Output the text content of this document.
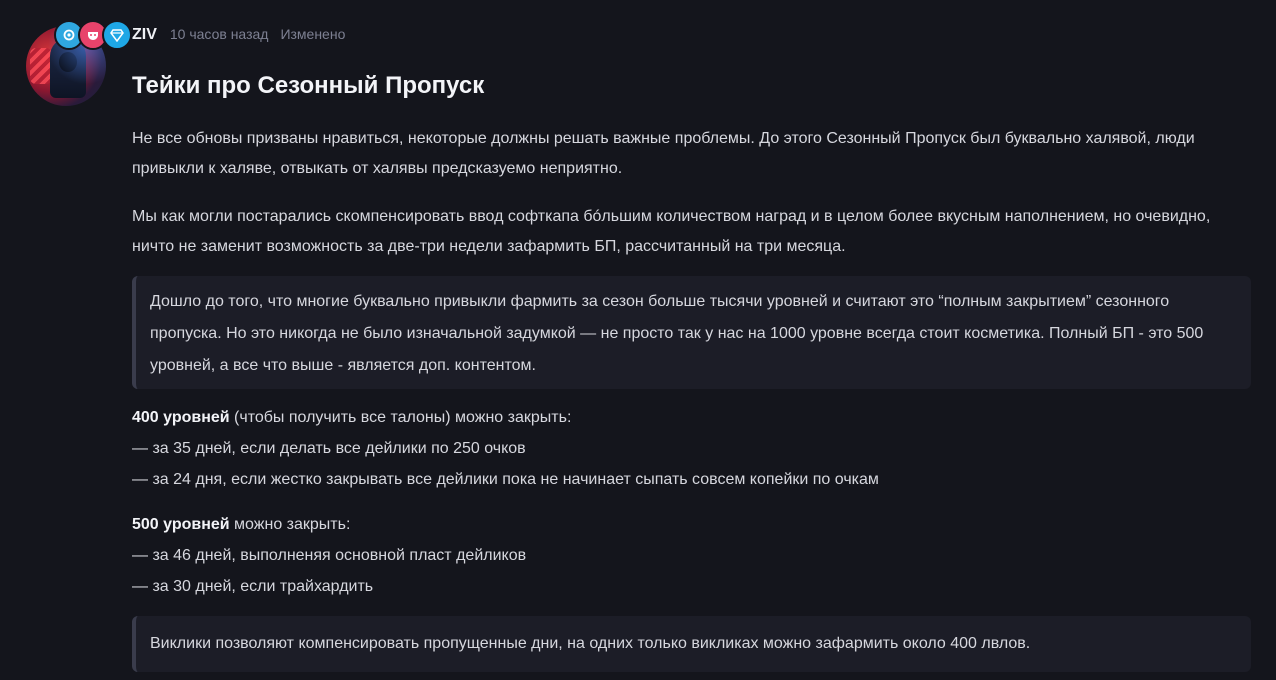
ZIV 10 часов назад Изменено
Тейки про Сезонный Пропуск

Не все обновы призваны нравиться, некоторые должны решать важные проблемы. До этого Сезонный Пропуск был буквально халявой, люди привыкли к халяве, отвыкать от халявы предсказуемо неприятно.

Мы как могли постарались скомпенсировать ввод софткапа бóльшим количеством наград и в целом более вкусным наполнением, но очевидно, ничто не заменит возможность за две-три недели зафармить БП, рассчитанный на три месяца.

Дошло до того, что многие буквально привыкли фармить за сезон больше тысячи уровней и считают это “полным закрытием” сезонного пропуска. Но это никогда не было изначальной задумкой — не просто так у нас на 1000 уровне всегда стоит косметика. Полный БП - это 500 уровней, а все что выше - является доп. контентом.
400 уровней (чтобы получить все талоны) можно закрыть:
— за 35 дней, если делать все дейлики по 250 очков
— за 24 дня, если жестко закрывать все дейлики пока не начинает сыпать совсем копейки по очкам
500 уровней можно закрыть:
— за 46 дней, выполненяя основной пласт дейликов
— за 30 дней, если трайхардить
Виклики позволяют компенсировать пропущенные дни, на одних только викликах можно зафармить около 400 лвлов.
